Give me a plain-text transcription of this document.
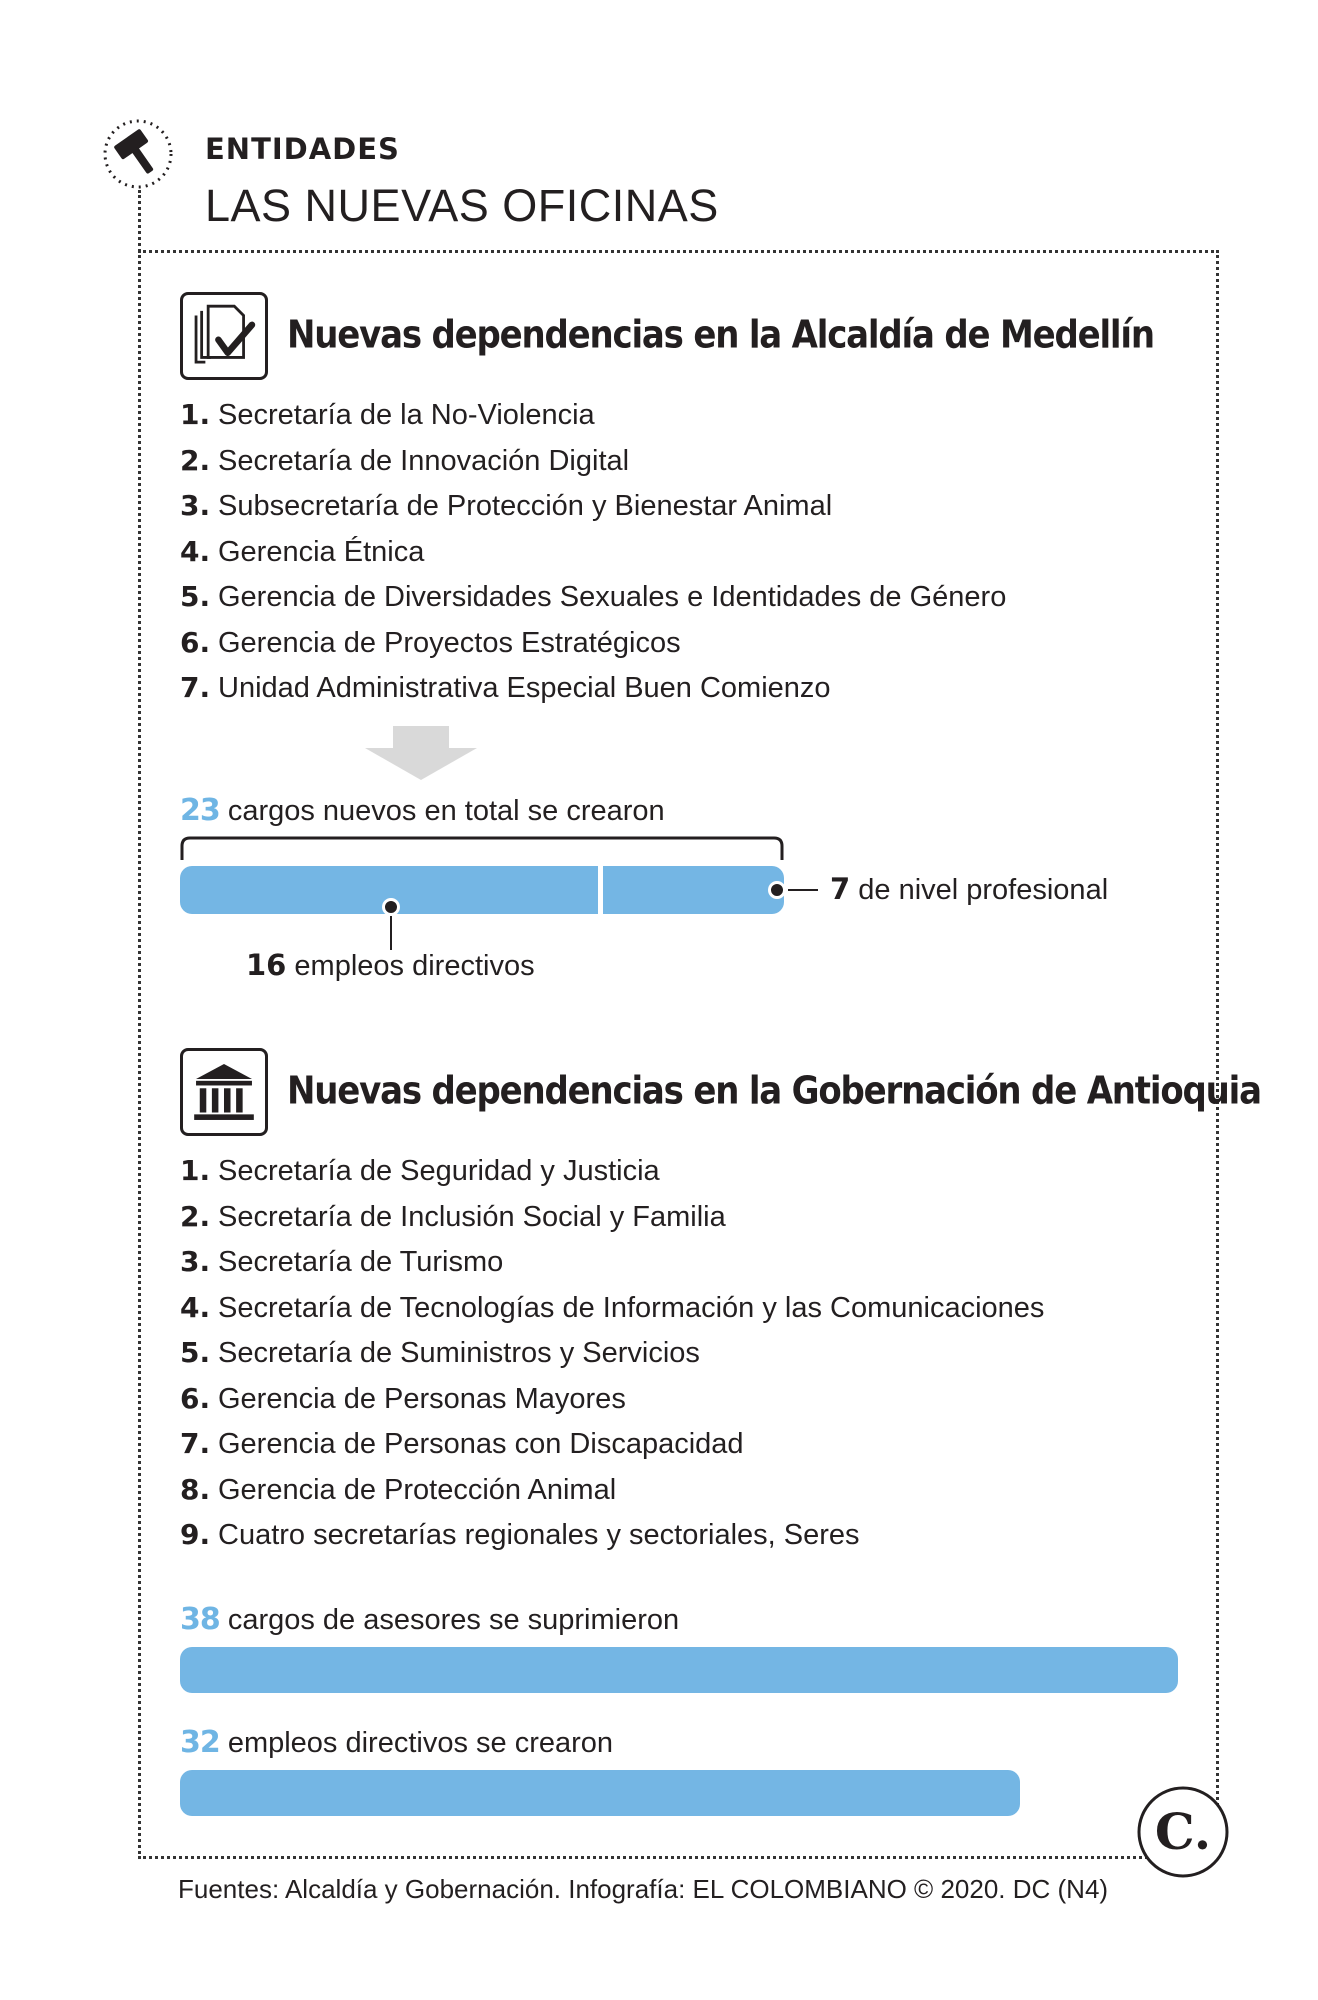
ENTIDADES
LAS NUEVAS OFICINAS
Nuevas dependencias en la Alcaldía de Medellín
1. Secretaría de la No-Violencia
2. Secretaría de Innovación Digital
3. Subsecretaría de Protección y Bienestar Animal
4. Gerencia Étnica
5. Gerencia de Diversidades Sexuales e Identidades de Género
6. Gerencia de Proyectos Estratégicos
7. Unidad Administrativa Especial Buen Comienzo
23 cargos nuevos en total se crearon
7 de nivel profesional
16 empleos directivos
Nuevas dependencias en la Gobernación de Antioquia
1. Secretaría de Seguridad y Justicia
2. Secretaría de Inclusión Social y Familia
3. Secretaría de Turismo
4. Secretaría de Tecnologías de Información y las Comunicaciones
5. Secretaría de Suministros y Servicios
6. Gerencia de Personas Mayores
7. Gerencia de Personas con Discapacidad
8. Gerencia de Protección Animal
9. Cuatro secretarías regionales y sectoriales, Seres
38 cargos de asesores se suprimieron
32 empleos directivos se crearon
C.
Fuentes: Alcaldía y Gobernación. Infografía: EL COLOMBIANO © 2020. DC (N4)
